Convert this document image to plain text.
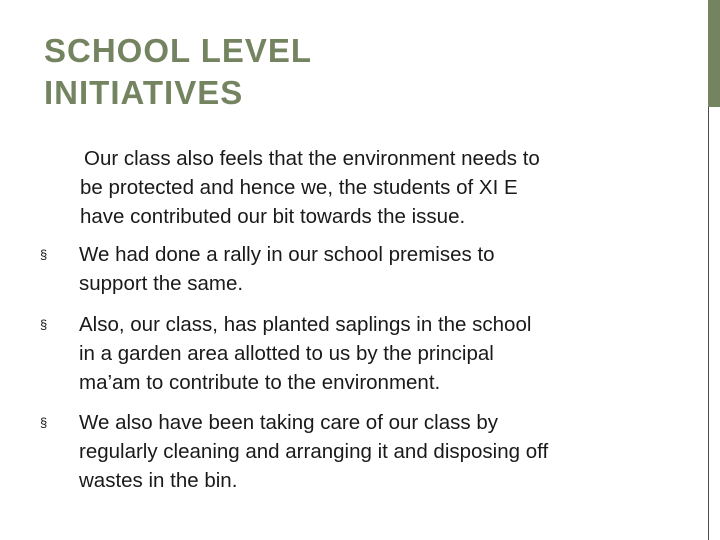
SCHOOL LEVEL
INITIATIVES

Our class also feels that the environment needs to
be protected and hence we, the students of XI E
have contributed our bit towards the issue.

§	We had done a rally in our school premises to
support the same.
§	Also, our class, has planted saplings in the school
in a garden area allotted to us by the principal
ma’am to contribute to the environment.
§	We also have been taking care of our class by
regularly cleaning and arranging it and disposing off
wastes in the bin.
